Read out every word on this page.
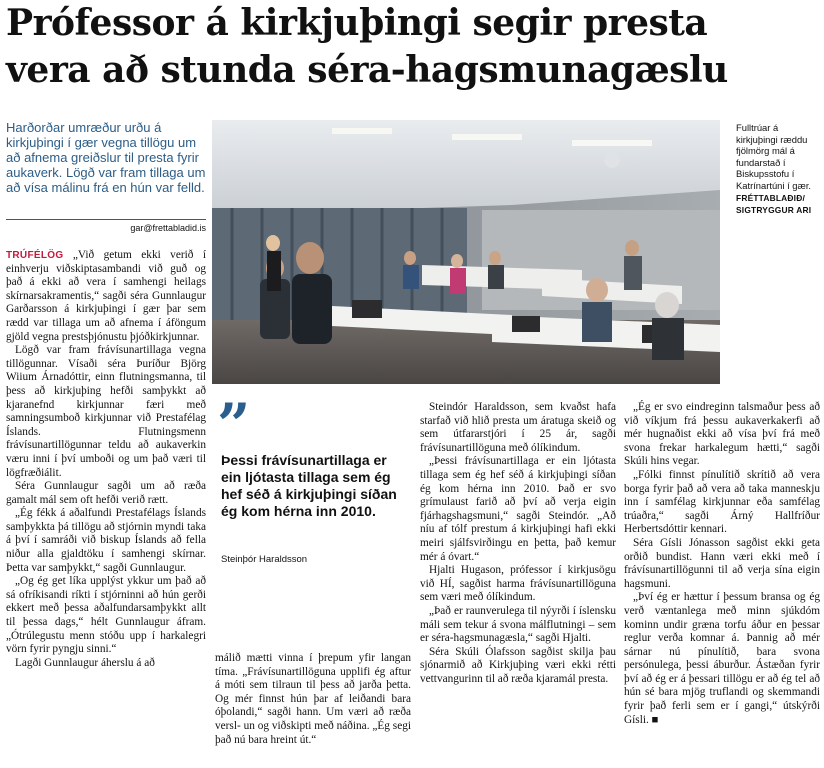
Prófessor á kirkjuþingi segir presta
vera að stunda séra-hagsmunagæslu
Harðorðar umræður urðu á kirkjuþingi í gær vegna tillögu um að afnema greiðslur til presta fyrir aukaverk. Lögð var fram tillaga um að vísa málinu frá en hún var felld.
gar@frettabladid.is

TRÚFÉLÖG „Við getum ekki verið í einhverju viðskiptasambandi við guð og það á ekki að vera í samhengi heilags skírnarsakramentis,“ sagði séra Gunnlaugur Garðarsson á kirkjuþingi í gær þar sem rædd var tillaga um að afnema í áföngum gjöld vegna prestsþjónustu þjóðkirkjunnar.

Lögð var fram frávísunartillaga vegna tillögunnar. Vísaði séra Þuríður Björg Wiium Árnadóttir, einn flutningsmanna, til þess að kirkjuþing hefði samþykkt að kjaranefnd kirkjunnar færi með samningsumboð kirkjunnar við Prestafélag Íslands. Flutningsmenn frávísunartillögunnar teldu að aukaverkin væru inni í því umboði og um það væri til lögfræðiálit.

Séra Gunnlaugur sagði um að ræða gamalt mál sem oft hefði verið rætt.

„Ég fékk á aðalfundi Prestafélags Íslands samþykkta þá tillögu að stjórnin myndi taka á því í samráði við biskup Íslands að fella niður alla gjaldtöku í samhengi skírnar. Þetta var samþykkt,“ sagði Gunnlaugur.

„Og ég get líka upplýst ykkur um það að sá ofríkisandi ríkti í stjórninni að hún gerði ekkert með þessa aðalfundarsamþykkt allt til þessa dags,“ hélt Gunnlaugur áfram. „Ótrúlegustu menn stóðu upp í harkalegri vörn fyrir pyngju sinni.“

Lagði Gunnlaugur áherslu á að

Fulltrúar á kirkjuþingi ræddu fjölmörg mál á fundarstað í Biskupsstofu í Katrínartúni í gær.
FRÉTTABLAÐIÐ/ SIGTRYGGUR ARI
”
Þessi frávísunartillaga er ein ljótasta tillaga sem ég hef séð á kirkjuþingi síðan ég kom hérna inn 2010.
Steinþór Haraldsson

málið mætti vinna í þrepum yfir langan tíma. „Frávísunartillöguna upplifi ég aftur á móti sem tilraun til þess að jarða þetta. Og mér finnst hún þar af leiðandi bara óþolandi,“ sagði hann. Um væri að ræða versl- un og viðskipti með náðina. „Ég segi það nú bara hreint út.“

Steindór Haraldsson, sem kvaðst hafa starfað við hlið presta um áratuga skeið og sem útfararstjóri í 25 ár, sagði frávísunartillöguna með ólíkindum.

„Þessi frávísunartillaga er ein ljótasta tillaga sem ég hef séð á kirkjuþingi síðan ég kom hérna inn 2010. Það er svo grímulaust farið að því að verja eigin fjárhagshagsmuni,“ sagði Steindór. „Að níu af tólf prestum á kirkjuþingi hafi ekki meiri sjálfsvirðingu en þetta, það kemur mér á óvart.“

Hjalti Hugason, prófessor í kirkjusögu við HÍ, sagðist harma frávísunartillöguna sem væri með ólíkindum.

„Það er raunverulega til nýyrði í íslensku máli sem tekur á svona málflutningi – sem er séra-hagsmunagæsla,“ sagði Hjalti.

Séra Skúli Ólafsson sagðist skilja þau sjónarmið að Kirkjuþing væri ekki rétti vettvangurinn til að ræða kjaramál presta.

„Ég er svo eindreginn talsmaður þess að við víkjum frá þessu aukaverkakerfi að mér hugnaðist ekki að vísa því frá með svona frekar harkalegum hætti,“ sagði Skúli hins vegar.

„Fólki finnst pínulítið skrítið að vera borga fyrir það að vera að taka manneskju inn í samfélag kirkjunnar eða samfélag trúaðra,“ sagði Árný Hallfríður Herbertsdóttir kennari.

Séra Gísli Jónasson sagðist ekki geta orðið bundist. Hann væri ekki með í frávísunartillögunni til að verja sína eigin hagsmuni.

„Því ég er hættur í þessum bransa og ég verð væntanlega með minn sjúkdóm kominn undir græna torfu áður en þessar reglur verða komnar á. Þannig að mér sárnar nú pínulítið, bara svona persónulega, þessi áburður. Ástæðan fyrir því að ég er á þessari tillögu er að ég tel að hún sé bara mjög truflandi og skemmandi fyrir það ferli sem er í gangi,“ útskýrði Gísli. ■
